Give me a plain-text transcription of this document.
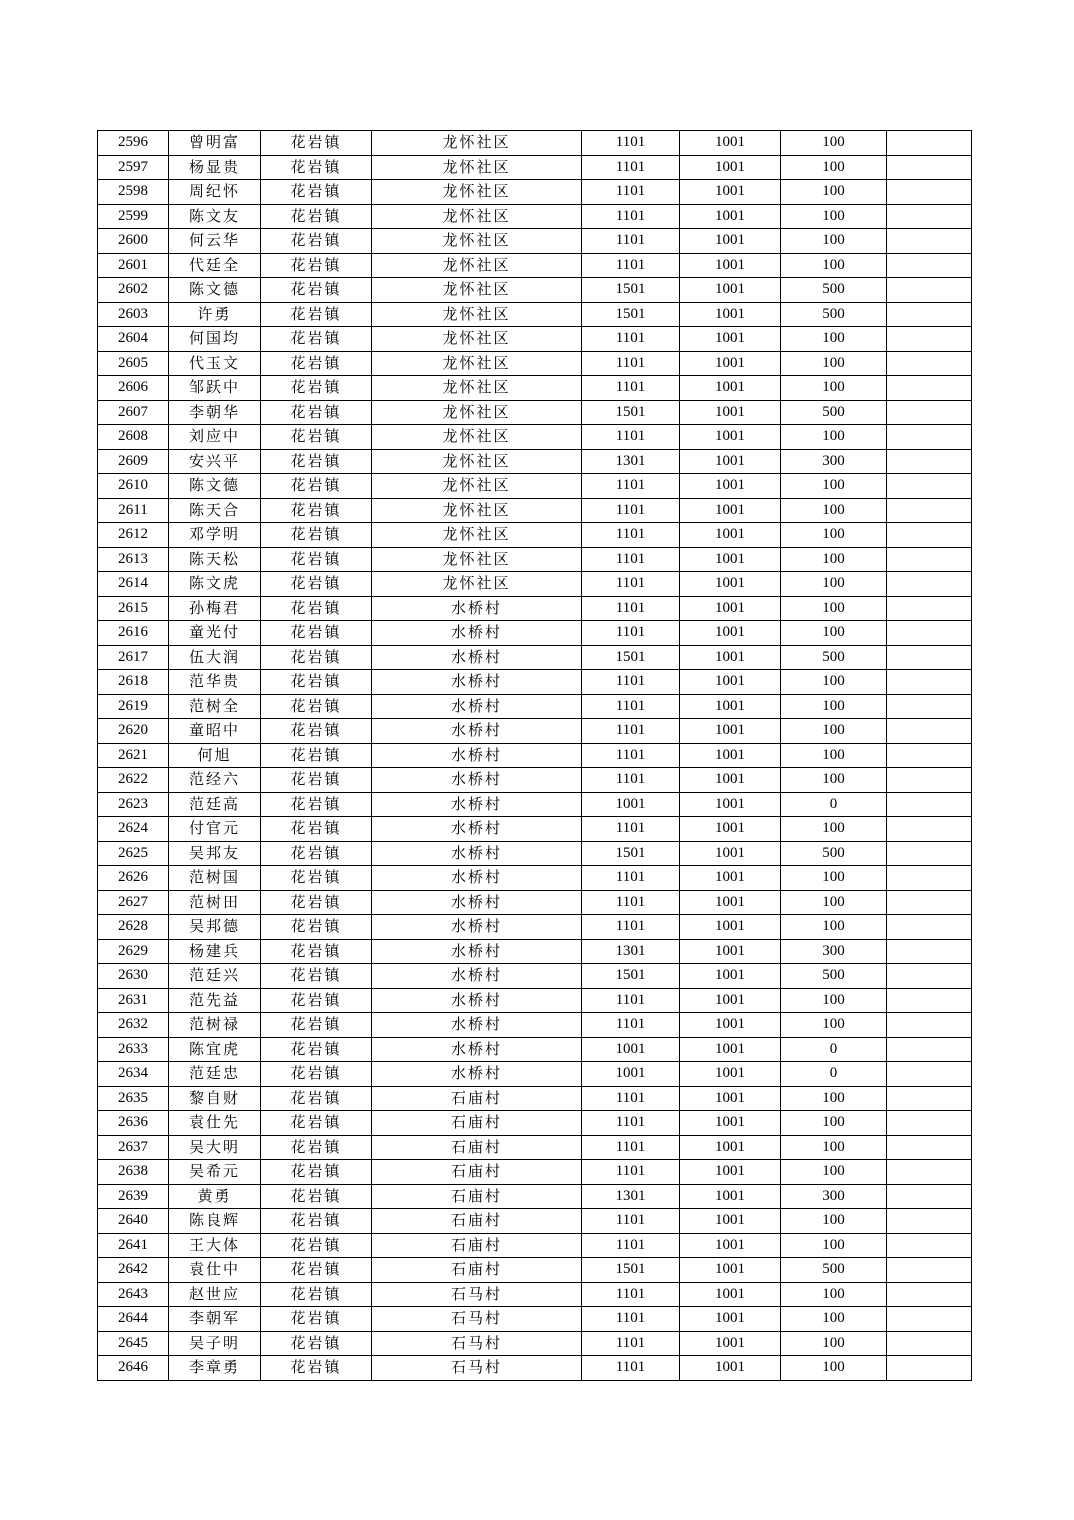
2596	曾明富	花岩镇	龙怀社区	1101	1001	100	
2597	杨显贵	花岩镇	龙怀社区	1101	1001	100	
2598	周纪怀	花岩镇	龙怀社区	1101	1001	100	
2599	陈文友	花岩镇	龙怀社区	1101	1001	100	
2600	何云华	花岩镇	龙怀社区	1101	1001	100	
2601	代廷全	花岩镇	龙怀社区	1101	1001	100	
2602	陈文德	花岩镇	龙怀社区	1501	1001	500	
2603	许勇	花岩镇	龙怀社区	1501	1001	500	
2604	何国均	花岩镇	龙怀社区	1101	1001	100	
2605	代玉文	花岩镇	龙怀社区	1101	1001	100	
2606	邹跃中	花岩镇	龙怀社区	1101	1001	100	
2607	李朝华	花岩镇	龙怀社区	1501	1001	500	
2608	刘应中	花岩镇	龙怀社区	1101	1001	100	
2609	安兴平	花岩镇	龙怀社区	1301	1001	300	
2610	陈文德	花岩镇	龙怀社区	1101	1001	100	
2611	陈天合	花岩镇	龙怀社区	1101	1001	100	
2612	邓学明	花岩镇	龙怀社区	1101	1001	100	
2613	陈天松	花岩镇	龙怀社区	1101	1001	100	
2614	陈文虎	花岩镇	龙怀社区	1101	1001	100	
2615	孙梅君	花岩镇	水桥村	1101	1001	100	
2616	童光付	花岩镇	水桥村	1101	1001	100	
2617	伍大润	花岩镇	水桥村	1501	1001	500	
2618	范华贵	花岩镇	水桥村	1101	1001	100	
2619	范树全	花岩镇	水桥村	1101	1001	100	
2620	童昭中	花岩镇	水桥村	1101	1001	100	
2621	何旭	花岩镇	水桥村	1101	1001	100	
2622	范经六	花岩镇	水桥村	1101	1001	100	
2623	范廷高	花岩镇	水桥村	1001	1001	0	
2624	付官元	花岩镇	水桥村	1101	1001	100	
2625	吴邦友	花岩镇	水桥村	1501	1001	500	
2626	范树国	花岩镇	水桥村	1101	1001	100	
2627	范树田	花岩镇	水桥村	1101	1001	100	
2628	吴邦德	花岩镇	水桥村	1101	1001	100	
2629	杨建兵	花岩镇	水桥村	1301	1001	300	
2630	范廷兴	花岩镇	水桥村	1501	1001	500	
2631	范先益	花岩镇	水桥村	1101	1001	100	
2632	范树禄	花岩镇	水桥村	1101	1001	100	
2633	陈宜虎	花岩镇	水桥村	1001	1001	0	
2634	范廷忠	花岩镇	水桥村	1001	1001	0	
2635	黎自财	花岩镇	石庙村	1101	1001	100	
2636	袁仕先	花岩镇	石庙村	1101	1001	100	
2637	吴大明	花岩镇	石庙村	1101	1001	100	
2638	吴希元	花岩镇	石庙村	1101	1001	100	
2639	黄勇	花岩镇	石庙村	1301	1001	300	
2640	陈良辉	花岩镇	石庙村	1101	1001	100	
2641	王大体	花岩镇	石庙村	1101	1001	100	
2642	袁仕中	花岩镇	石庙村	1501	1001	500	
2643	赵世应	花岩镇	石马村	1101	1001	100	
2644	李朝军	花岩镇	石马村	1101	1001	100	
2645	吴子明	花岩镇	石马村	1101	1001	100	
2646	李章勇	花岩镇	石马村	1101	1001	100	
